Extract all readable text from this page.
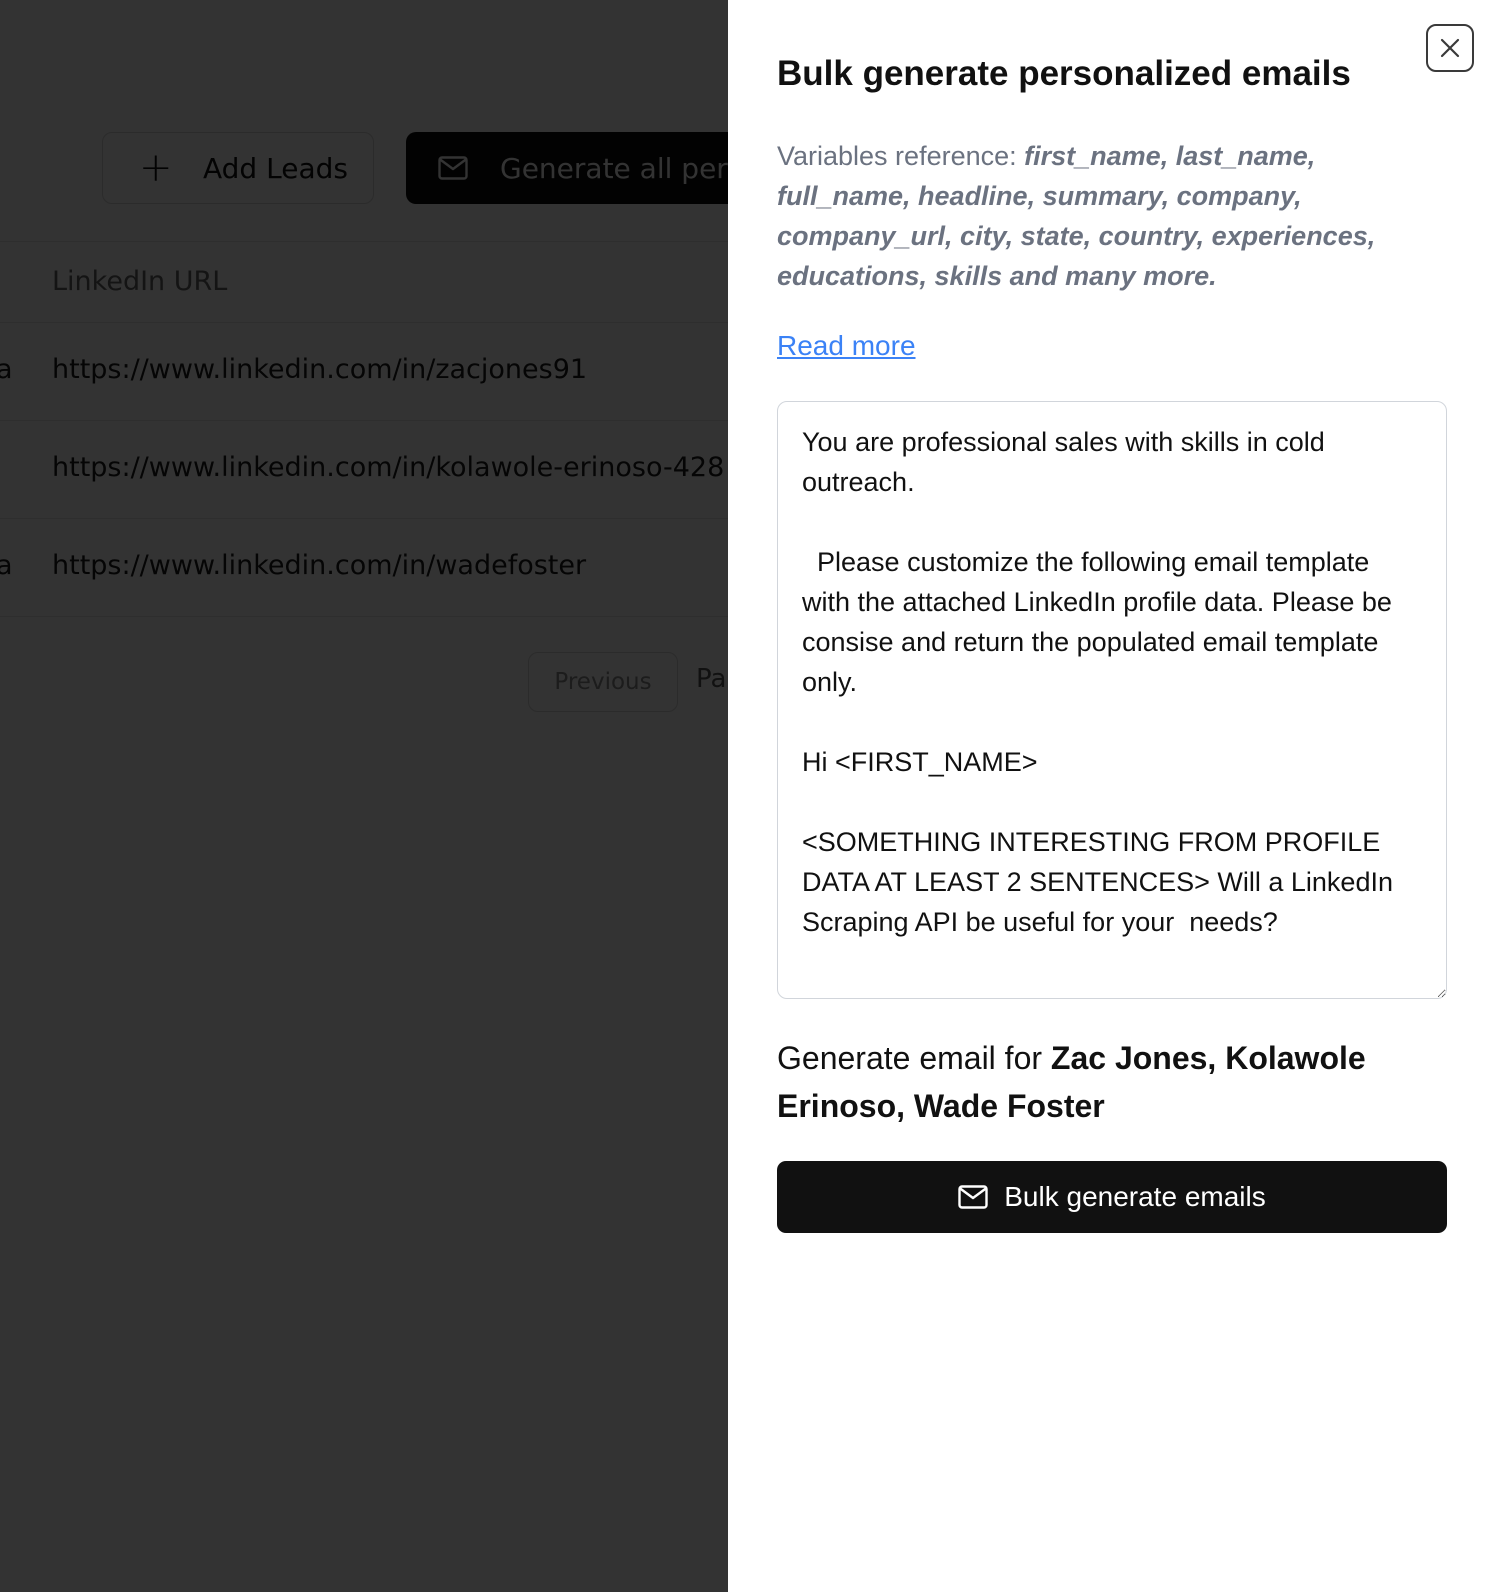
Bulk generate personalized emails

Variables reference: first_name, last_name, full_name, headline, summary, company, company_url, city, state, country, experiences, educations, skills and many more.

Read more
You are professional sales with skills in cold outreach. Please customize the following email template with the attached LinkedIn profile data. Please be consise and return the populated email template only. Hi <FIRST_NAME> <SOMETHING INTERESTING FROM PROFILE DATA AT LEAST 2 SENTENCES> Will a LinkedIn Scraping API be useful for your needs?

Generate email for Zac Jones, Kolawole Erinoso, Wade Foster

Bulk generate emails
